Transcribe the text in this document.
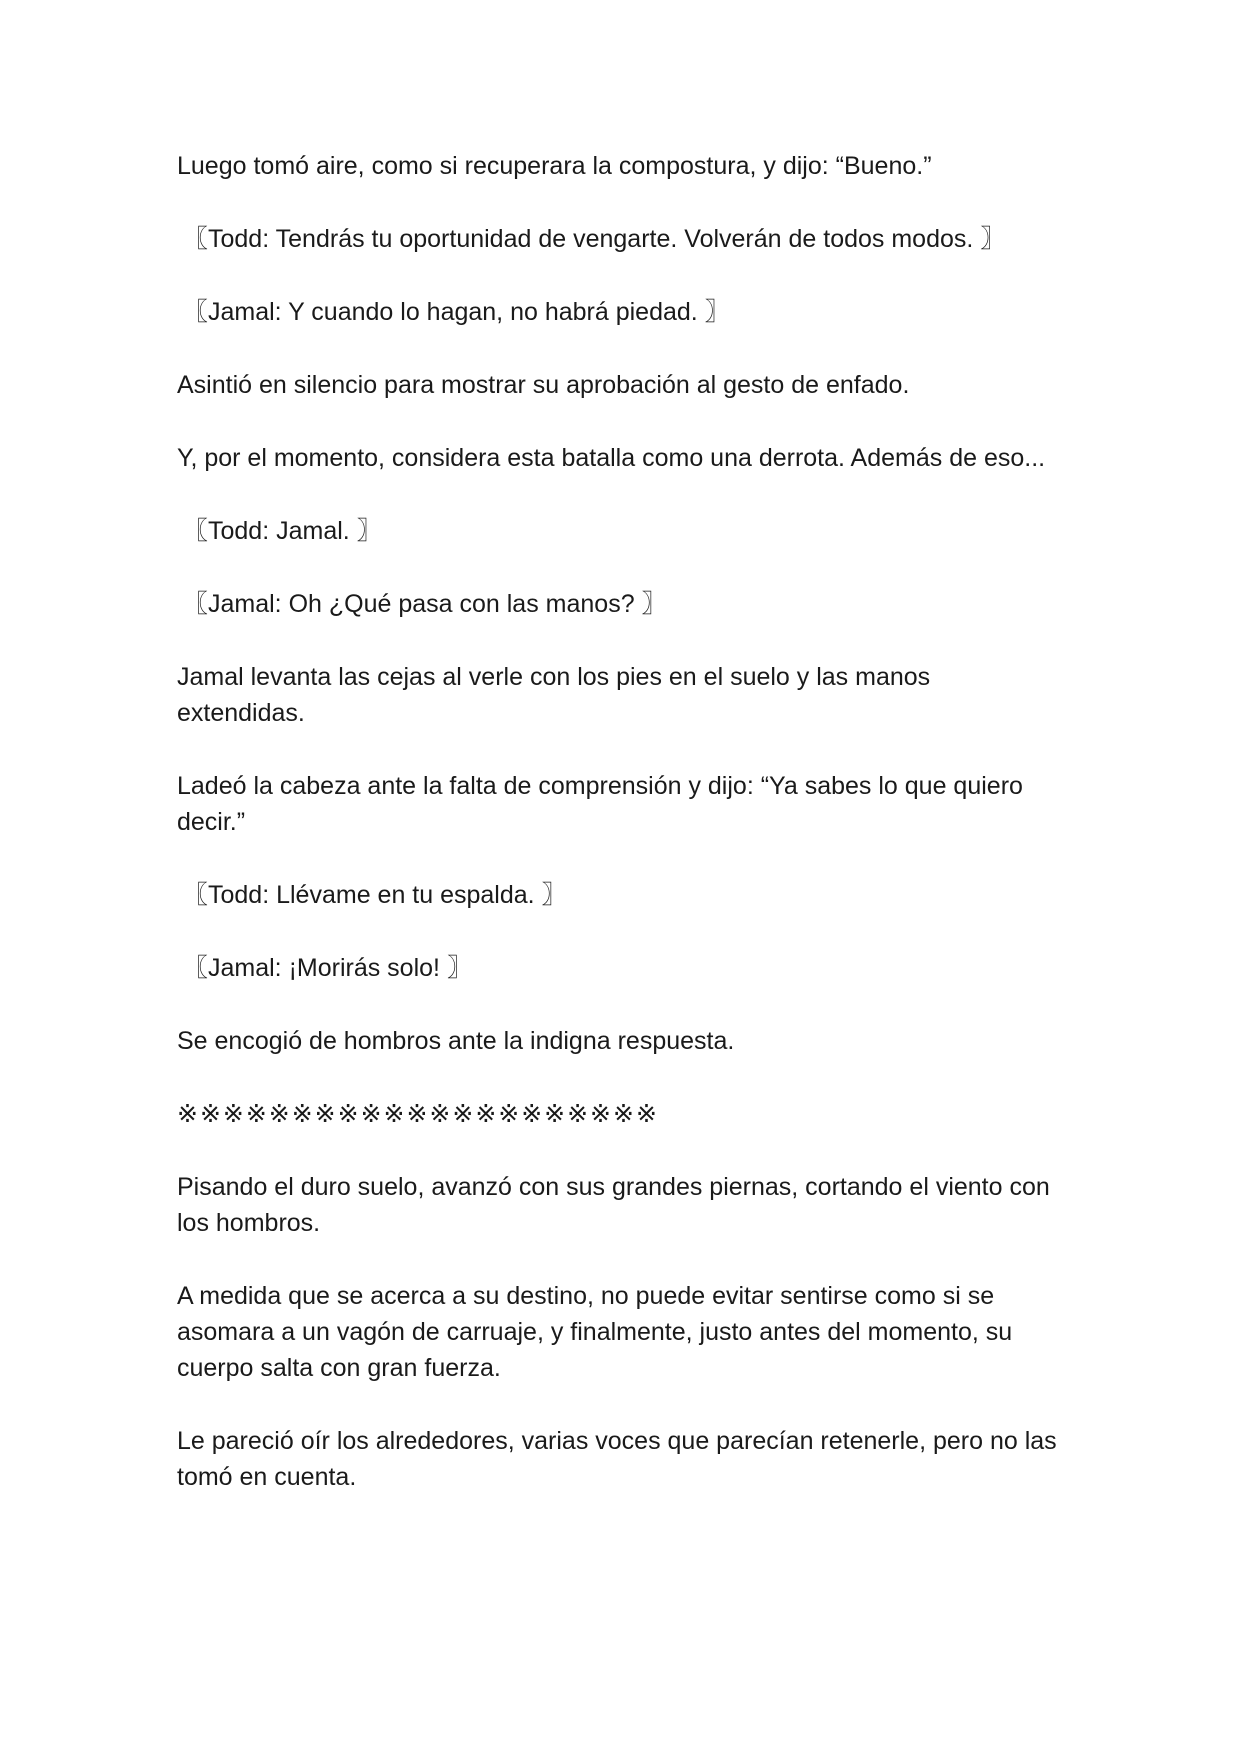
Luego tomó aire, como si recuperara la compostura, y dijo: “Bueno.”

〖Todd: Tendrás tu oportunidad de vengarte. Volverán de todos modos. 〗

〖Jamal: Y cuando lo hagan, no habrá piedad. 〗

Asintió en silencio para mostrar su aprobación al gesto de enfado.

Y, por el momento, considera esta batalla como una derrota. Además de eso...

〖Todd: Jamal. 〗

〖Jamal: Oh ¿Qué pasa con las manos? 〗

Jamal levanta las cejas al verle con los pies en el suelo y las manos extendidas.

Ladeó la cabeza ante la falta de comprensión y dijo: “Ya sabes lo que quiero decir.”

〖Todd: Llévame en tu espalda. 〗

〖Jamal: ¡Morirás solo! 〗

Se encogió de hombros ante la indigna respuesta.

※※※※※※※※※※※※※※※※※※※※※

Pisando el duro suelo, avanzó con sus grandes piernas, cortando el viento con los hombros.

A medida que se acerca a su destino, no puede evitar sentirse como si se asomara a un vagón de carruaje, y finalmente, justo antes del momento, su cuerpo salta con gran fuerza.

Le pareció oír los alrededores, varias voces que parecían retenerle, pero no las tomó en cuenta.
